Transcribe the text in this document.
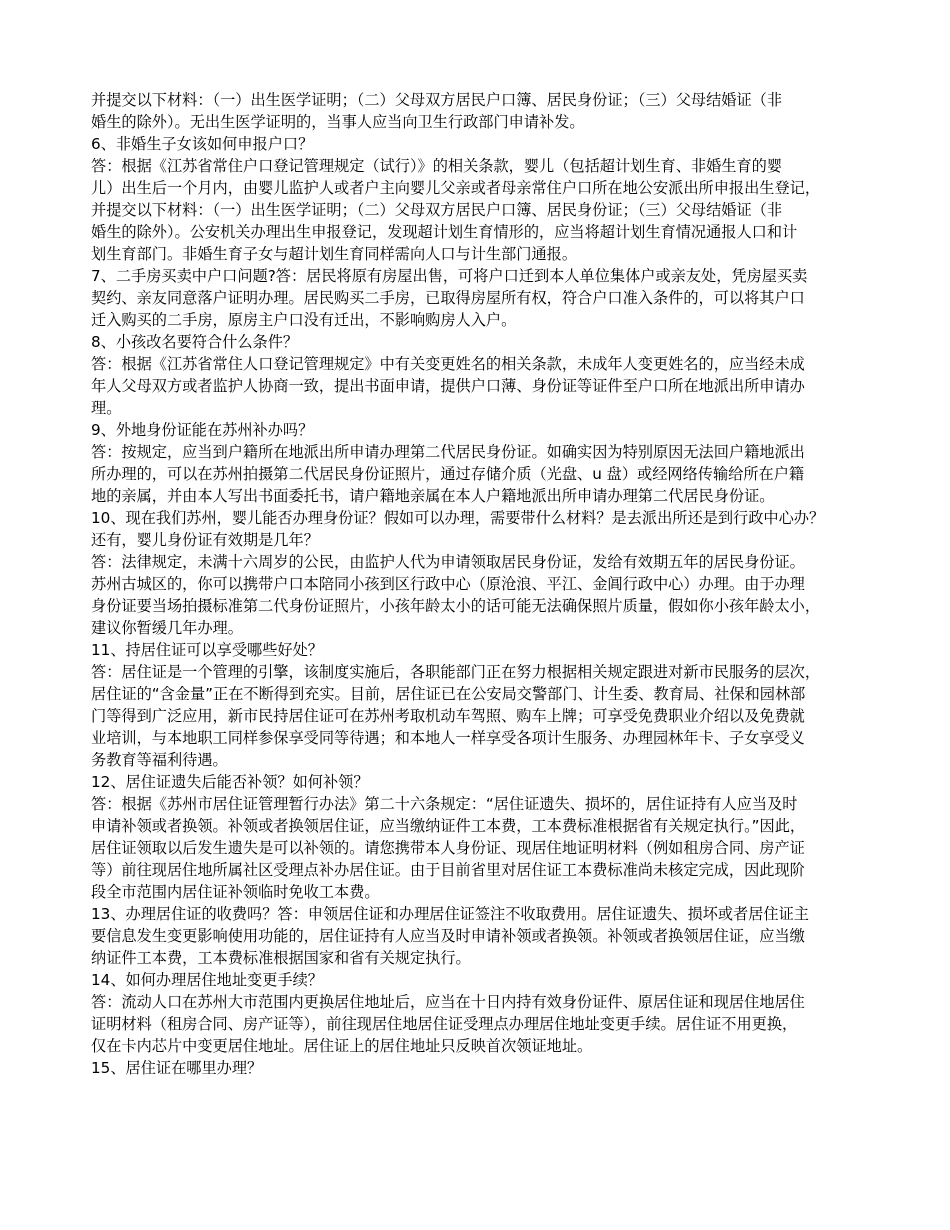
并提交以下材料：（一）出生医学证明；（二）父母双方居民户口簿、居民身份证；（三）父母结婚证（非
婚生的除外）。无出生医学证明的，当事人应当向卫生行政部门申请补发。
6、非婚生子女该如何申报户口？
答：根据《江苏省常住户口登记管理规定（试行）》的相关条款，婴儿（包括超计划生育、非婚生育的婴
儿）出生后一个月内，由婴儿监护人或者户主向婴儿父亲或者母亲常住户口所在地公安派出所申报出生登记，
并提交以下材料：（一）出生医学证明；（二）父母双方居民户口簿、居民身份证；（三）父母结婚证（非
婚生的除外）。公安机关办理出生申报登记，发现超计划生育情形的，应当将超计划生育情况通报人口和计
划生育部门。非婚生育子女与超计划生育同样需向人口与计生部门通报。
7、二手房买卖中户口问题?答：居民将原有房屋出售，可将户口迁到本人单位集体户或亲友处，凭房屋买卖
契约、亲友同意落户证明办理。居民购买二手房，已取得房屋所有权，符合户口准入条件的，可以将其户口
迁入购买的二手房，原房主户口没有迁出，不影响购房人入户。
8、小孩改名要符合什么条件？
答：根据《江苏省常住人口登记管理规定》中有关变更姓名的相关条款，未成年人变更姓名的，应当经未成
年人父母双方或者监护人协商一致，提出书面申请，提供户口薄、身份证等证件至户口所在地派出所申请办
理。
9、外地身份证能在苏州补办吗？
答：按规定，应当到户籍所在地派出所申请办理第二代居民身份证。如确实因为特别原因无法回户籍地派出
所办理的，可以在苏州拍摄第二代居民身份证照片，通过存储介质（光盘、u 盘）或经网络传输给所在户籍
地的亲属，并由本人写出书面委托书，请户籍地亲属在本人户籍地派出所申请办理第二代居民身份证。
10、现在我们苏州，婴儿能否办理身份证？假如可以办理，需要带什么材料？是去派出所还是到行政中心办？
还有，婴儿身份证有效期是几年？
答：法律规定，未满十六周岁的公民，由监护人代为申请领取居民身份证，发给有效期五年的居民身份证。
苏州古城区的，你可以携带户口本陪同小孩到区行政中心（原沧浪、平江、金阊行政中心）办理。由于办理
身份证要当场拍摄标准第二代身份证照片，小孩年龄太小的话可能无法确保照片质量，假如你小孩年龄太小，
建议你暂缓几年办理。
11、持居住证可以享受哪些好处？
答：居住证是一个管理的引擎，该制度实施后，各职能部门正在努力根据相关规定跟进对新市民服务的层次，
居住证的“含金量”正在不断得到充实。目前，居住证已在公安局交警部门、计生委、教育局、社保和园林部
门等得到广泛应用，新市民持居住证可在苏州考取机动车驾照、购车上牌；可享受免费职业介绍以及免费就
业培训，与本地职工同样参保享受同等待遇；和本地人一样享受各项计生服务、办理园林年卡、子女享受义
务教育等福利待遇。
12、居住证遗失后能否补领？如何补领？
答：根据《苏州市居住证管理暂行办法》第二十六条规定：“居住证遗失、损坏的，居住证持有人应当及时
申请补领或者换领。补领或者换领居住证，应当缴纳证件工本费，工本费标准根据省有关规定执行。”因此，
居住证领取以后发生遗失是可以补领的。请您携带本人身份证、现居住地证明材料（例如租房合同、房产证
等）前往现居住地所属社区受理点补办居住证。由于目前省里对居住证工本费标准尚未核定完成，因此现阶
段全市范围内居住证补领临时免收工本费。
13、办理居住证的收费吗？答：申领居住证和办理居住证签注不收取费用。居住证遗失、损坏或者居住证主
要信息发生变更影响使用功能的，居住证持有人应当及时申请补领或者换领。补领或者换领居住证，应当缴
纳证件工本费，工本费标准根据国家和省有关规定执行。
14、如何办理居住地址变更手续？
答：流动人口在苏州大市范围内更换居住地址后，应当在十日内持有效身份证件、原居住证和现居住地居住
证明材料（租房合同、房产证等），前往现居住地居住证受理点办理居住地址变更手续。居住证不用更换，
仅在卡内芯片中变更居住地址。居住证上的居住地址只反映首次领证地址。
15、居住证在哪里办理？
